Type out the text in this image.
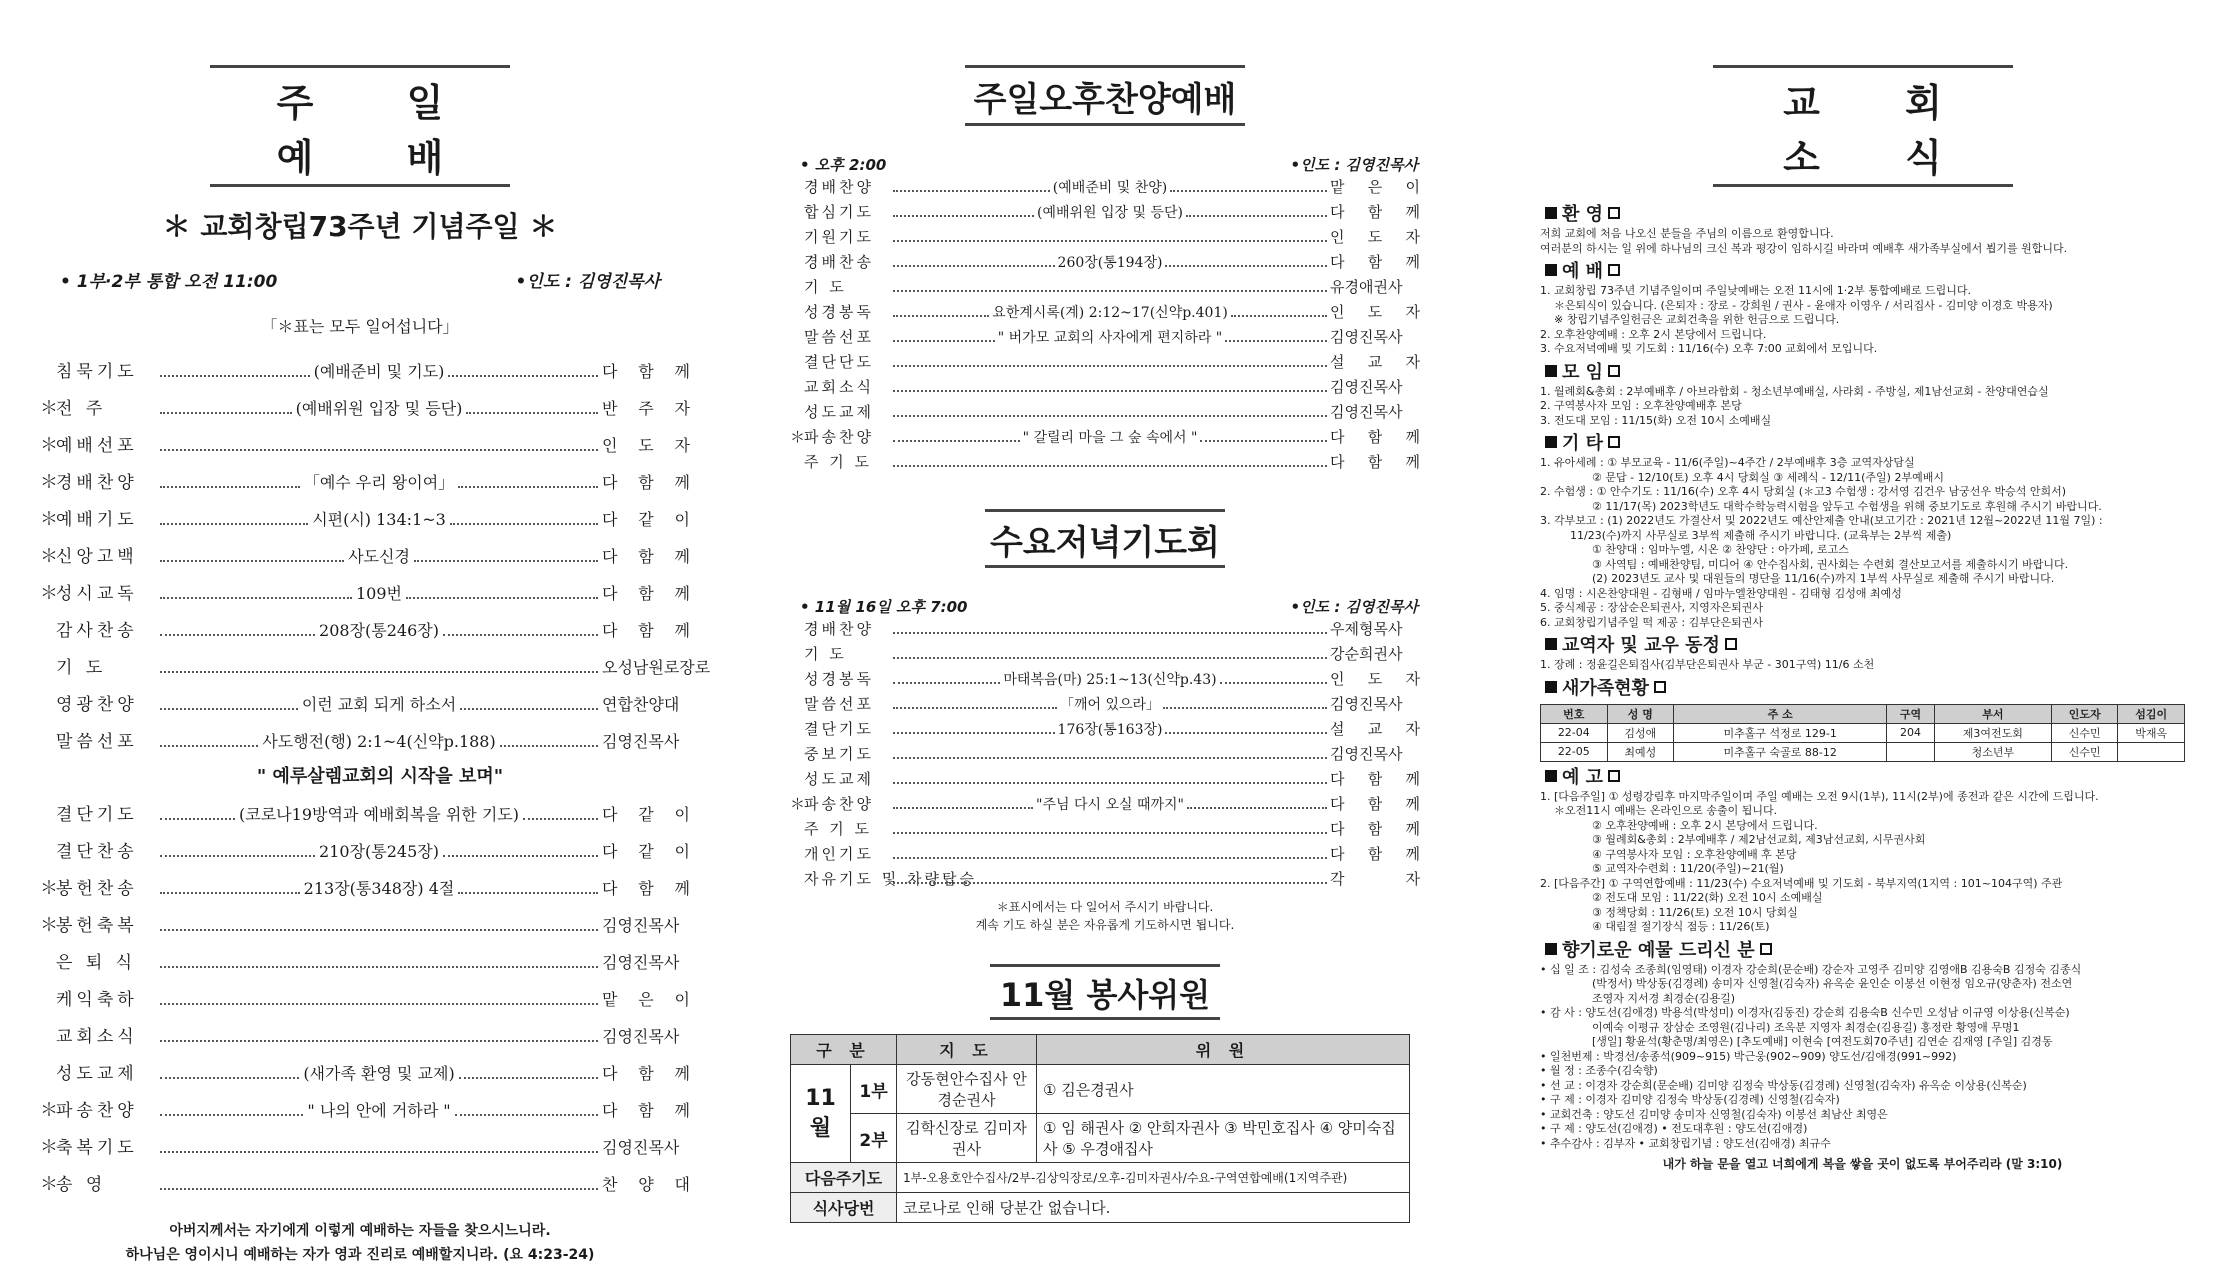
주 일 예 배
＊ 교회창립73주년 기념주일 ＊
• 1부·2부 통합 오전 11:00	•인도 : 김영진목사
「＊표는 모두 일어섭니다」
침묵기도	(예배준비 및 기도)	다 함 께
＊
전 주	(예배위원 입장 및 등단)	반 주 자
＊
예배선포	인 도 자
＊
경배찬양	「예수 우리 왕이여」	다 함 께
＊
예배기도	시편(시) 134:1~3	다 같 이
＊
신앙고백	사도신경	다 함 께
＊
성시교독	109번	다 함 께
감사찬송	208장(통246장)	다 함 께
기 도	오성남원로장로
영광찬양	이런 교회 되게 하소서	연합찬양대
말씀선포	사도행전(행) 2:1~4(신약p.188)	김영진목사
" 예루살렘교회의 시작을 보며"
결단기도	(코로나19방역과 예배회복을 위한 기도)	다 같 이
결단찬송	210장(통245장)	다 같 이
＊
봉헌찬송	213장(통348장) 4절	다 함 께
＊
봉헌축복	김영진목사
은 퇴 식	김영진목사
케익축하	맡 은 이
교회소식	김영진목사
성도교제	(새가족 환영 및 교제)	다 함 께
＊
파송찬양	" 나의 안에 거하라 "	다 함 께
＊
축복기도	김영진목사
＊
송 영	찬 양 대
아버지께서는 자기에게 이렇게 예배하는 자들을 찾으시느니라.
하나님은 영이시니 예배하는 자가 영과 진리로 예배할지니라. (요 4:23-24)
주일오후찬양예배
• 오후 2:00	•인도 : 김영진목사
경배찬양	(예배준비 및 찬양)	맡 은 이
합심기도	(예배위원 입장 및 등단)	다 함 께
기원기도	인 도 자
경배찬송	260장(통194장)	다 함 께
기 도	유경애권사
성경봉독	요한계시록(계) 2:12~17(신약p.401)	인 도 자
말씀선포	" 버가모 교회의 사자에게 편지하라 "	김영진목사
결단단도	설 교 자
교회소식	김영진목사
성도교제	김영진목사
＊
파송찬양	" 갈릴리 마을 그 숲 속에서 "	다 함 께
주 기 도	다 함 께
수요저녁기도회
• 11월 16일 오후 7:00	•인도 : 김영진목사
경배찬양	우제형목사
기 도	강순희권사
성경봉독	마태복음(마) 25:1~13(신약p.43)	인 도 자
말씀선포	「깨어 있으라」	김영진목사
결단기도	176장(통163장)	설 교 자
중보기도	김영진목사
성도교제	다 함 께
＊
파송찬양	"주님 다시 오실 때까지"	다 함 께
주 기 도	다 함 께
개인기도	다 함 께
자유기도 및 차량탑승	각 자
＊표시에서는 다 일어서 주시기 바랍니다.
계속 기도 하실 분은 자유롭게 기도하시면 됩니다.
11월 봉사위원
구 분		지 도	위 원
11월	1부	강동현안수집사 안경순권사	① 김은경권사
	2부	김학신장로 김미자권사	① 임 해권사 ② 안희자권사 ③ 박민호집사 ④ 양미숙집사 ⑤ 우경애집사
다음주기도		1부-오용호안수집사/2부-김상익장로/오후-김미자권사/수요-구역연합예배(1지역주관)	
식사당번		코로나로 인해 당분간 없습니다.	
교 회 소 식
환 영
저희 교회에 처음 나오신 분들을 주님의 이름으로 환영합니다.
여러분의 하시는 일 위에 하나님의 크신 복과 평강이 임하시길 바라며 예배후 새가족부실에서 뵙기를 원합니다.
예 배
1. 교회창립 73주년 기념주일이며 주일낮예배는 오전 11시에 1·2부 통합예배로 드립니다.
＊은퇴식이 있습니다. (은퇴자 : 장로 - 강희원 / 권사 - 윤애자 이영우 / 서리집사 - 김미양 이경호 박용자)
※ 창립기념주일헌금은 교회건축을 위한 헌금으로 드립니다.
2. 오후찬양예배 : 오후 2시 본당에서 드립니다.
3. 수요저녁예배 및 기도회 : 11/16(수) 오후 7:00 교회에서 모입니다.
모 임
1. 월례회&총회 : 2부예배후 / 아브라함회 - 청소년부예배실, 사라회 - 주방실, 제1남선교회 - 찬양대연습실
2. 구역봉사자 모임 : 오후찬양예배후 본당
3. 전도대 모임 : 11/15(화) 오전 10시 소예배실
기 타
1. 유아세례 : ① 부모교육 - 11/6(주일)~4주간 / 2부예배후 3층 교역자상담실
② 문답 - 12/10(토) 오후 4시 당회실 ③ 세례식 - 12/11(주일) 2부예배시
2. 수험생 : ① 안수기도 : 11/16(수) 오후 4시 당회실 (＊고3 수험생 : 강서영 김건우 남궁선우 박승석 안희서)
② 11/17(목) 2023학년도 대학수학능력시험을 앞두고 수험생을 위해 중보기도로 후원해 주시기 바랍니다.
3. 각부보고 : (1) 2022년도 가결산서 및 2022년도 예산안제출 안내(보고기간 : 2021년 12월~2022년 11월 7일) :
11/23(수)까지 사무실로 3부씩 제출해 주시기 바랍니다. (교육부는 2부씩 제출)
① 찬양대 : 임마누엘, 시온 ② 찬양단 : 아가페, 로고스
③ 사역팀 : 예배찬양팀, 미디어 ④ 안수집사회, 권사회는 수련회 결산보고서를 제출하시기 바랍니다.
(2) 2023년도 교사 및 대원들의 명단을 11/16(수)까지 1부씩 사무실로 제출해 주시기 바랍니다.
4. 임명 : 시온찬양대원 - 김형배 / 임마누엘찬양대원 - 김태형 김성애 최예성
5. 중식제공 : 장삼순은퇴권사, 지영자은퇴권사
6. 교회창립기념주일 떡 제공 : 김부단은퇴권사
교역자 및 교우 동정
1. 장례 : 정윤길은퇴집사(김부단은퇴권사 부군 - 301구역) 11/6 소천
새가족현황
번호	성 명	주 소	구역	부서	인도자	섬김이
22-04	김성애	미추홀구 석정로 129-1	204	제3여전도회	신수민	박재옥
22-05	최예성	미추홀구 숙골로 88-12		청소년부	신수민	
예 고
1. [다음주일] ① 성령강림후 마지막주일이며 주일 예배는 오전 9시(1부), 11시(2부)에 종전과 같은 시간에 드립니다.
＊오전11시 예배는 온라인으로 송출이 됩니다.
② 오후찬양예배 : 오후 2시 본당에서 드립니다.
③ 월례회&총회 : 2부예배후 / 제2남선교회, 제3남선교회, 시무권사회
④ 구역봉사자 모임 : 오후찬양예배 후 본당
⑤ 교역자수련회 : 11/20(주일)~21(월)
2. [다음주간] ① 구역연합예배 : 11/23(수) 수요저녁예배 및 기도회 - 북부지역(1지역 : 101~104구역) 주관
② 전도대 모임 : 11/22(화) 오전 10시 소예배실
③ 정책당회 : 11/26(토) 오전 10시 당회실
④ 대림절 절기장식 점등 : 11/26(토)
향기로운 예물 드리신 분
• 십 일 조 : 김성숙 조종희(임영태) 이경자 강순희(문순배) 강순자 고영주 김미양 김영애B 김용숙B 김정숙 김종식
(박정서) 박상동(김경례) 송미자 신영철(김숙자) 유옥순 윤인순 이봉선 이현정 임오규(양춘자) 전소연
조영자 지서경 최경순(김용길)
• 감 사 : 양도선(김애경) 박용석(박성미) 이경자(김동진) 강순희 김용숙B 신수민 오성남 이규영 이상용(신복순)
이예숙 이평규 장삼순 조영원(김나리) 조옥분 지영자 최경순(김용길) 홍정란 황영애 무명1
[생일] 황윤석(황춘명/최영은) [추도예배] 이현숙 [여전도회70주년] 김연순 김재영 [주일] 김경동
• 일천번제 : 박경선/송종석(909~915) 박근웅(902~909) 양도선/김애경(991~992)
• 월 정 : 조종수(김숙향)
• 선 교 : 이경자 강순희(문순배) 김미양 김정숙 박상동(김경례) 신영철(김숙자) 유옥순 이상용(신복순)
• 구 제 : 이경자 김미양 김정숙 박상동(김경례) 신영철(김숙자)
• 교회건축 : 양도선 김미양 송미자 신영철(김숙자) 이봉선 최남산 최영은
• 구 제 : 양도선(김애경) • 전도대후원 : 양도선(김애경)
• 추수감사 : 김부자 • 교회창립기념 : 양도선(김애경) 최규수
내가 하늘 문을 열고 너희에게 복을 쌓을 곳이 없도록 부어주리라 (말 3:10)
